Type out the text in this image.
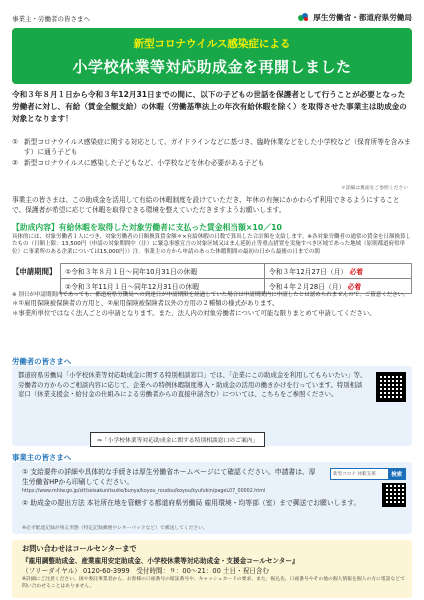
事業主・労働者の皆さまへ	厚生労働省・都道府県労働局
新型コロナウイルス感染症による
小学校休業等対応助成金を再開しました
令和３年８月１日から令和３年12月31日までの間に、以下の子どもの世話を保護者として行うことが必要となった労働者に対し、有給（賃金全額支給）の休暇（労働基準法上の年次有給休暇を除く）を取得させた事業主は助成金の対象となります！
① 新型コロナウイルス感染症に関する対応として、ガイドラインなどに基づき、臨時休業などをした小学校など（保育所等を含みます）に通う子ども
② 新型コロナウイルスに感染した子どもなど、小学校などを休む必要がある子ども
＊詳細は裏面をご参照ください
事業主の皆さまは、この助成金を活用して有給の休暇制度を設けていただき、年休の有無にかかわらず利用できるようにすることで、保護者が希望に応じて休暇を取得できる環境を整えていただきますようお願いします。
【助成内容】有給休暇を取得した対象労働者に支払った賃金相当額×10／10
具体的には、対象労働者１人につき、対象労働者の日額換算賃金額＊×有給休暇の日数で算出した合計額を支給します。※各対象労働者の通常の賃金を日額換算したもの（日額上限：13,500円（申請の対象期間中（注）に緊急事態宣言の対象区域又はまん延防止等重点措置を実施すべき区域であった地域（原則都道府県単位）に事業所のある企業については15,000円））注．事業主の方から申請のあった休暇期間の最初の日から最後の日までの間
【申請期間】	①令和３年８月１日～同年10月31日の休暇	令和３年12月27日（月） 必着
②令和３年11月１日～同年12月31日の休暇	令和４年２月28日（月） 必着
※ 別日が申請期間内であっても、都道府県労働局への到達日が申請期限を経過していた場合は申請期間内に申請したとは認められませんので、ご留意ください。
＊①雇用保険被保険者の方用と、②雇用保険被保険者以外の方用の２種類の様式があります。
＊事業所単位ではなく法人ごとの申請となります。また、法人内の対象労働者について可能な限りまとめて申請してください。
労働者の皆さまへ
都道府県労働局「小学校休業等対応助成金に関する特別相談窓口」では、「企業にこの助成金を利用してもらいたい」等、労働者の方からのご相談内容に応じて、企業への特例休暇制度導入・助成金の活用の働きかけを行っています。特別相談窓口（休業支援金・給付金の仕組みによる労働者からの直接申請含む）については、こちらをご参照ください。
⇒「小学校休業等対応助成金に関する特別相談窓口のご案内」
事業主の皆さまへ
① 支給要件の詳細や具体的な手続きは厚生労働省ホームページにて確認ください。申請書は、厚生労働省HPから印刷してください。
https://www.mhlw.go.jp/stf/seisakunitsuite/bunya/koyou_roudou/koyou/kyufukin/pageL07_00002.html
新型コロナ 休暇支援	検索
② 助成金の提出方法 本社所在地を管轄する都道府県労働局 雇用環境・均等部（室）まで郵送でお願いします。
※必ず配達記録が残る形態（特定記録郵便やレターパックなど）で郵送してください。
お問い合わせはコールセンターまで
『雇用調整助成金、産業雇用安定助成金、小学校休業等対応助成金・支援金コールセンター』
（フリーダイヤル） 0120-60-3999　受付時間：９：00～21：00 土日・祝日含む
※詳細にご注意ください。国や委託事業者から、お客様の口座番号の暗証番号や、キャッシュカードの要求、また、振込先、口座番号やその他の個人情報を個人の方に電話などで問い合わせることはありません。
